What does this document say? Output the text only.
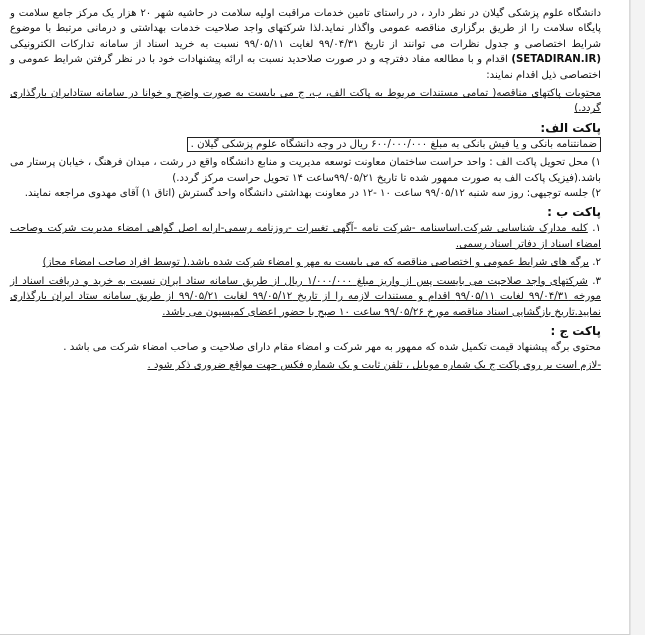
دانشگاه علوم پزشکی گیلان در نظر دارد ، در راستای تامین خدمات مراقبت اولیه سلامت در حاشیه شهر ۲۰ هزار یک مرکز جامع سلامت و پایگاه سلامت را از طریق برگزاری مناقصه عمومی واگذار نماید.لذا شرکتهای واجد صلاحیت خدمات بهداشتی و درمانی مرتبط با موضوع شرایط اختصاصی و جدول نظرات می توانند از تاریخ ۹۹/۰۴/۳۱ لغایت ۹۹/۰۵/۱۱ نسبت به خرید اسناد از سامانه تدارکات الکترونیکی (SETADIRAN.IR) اقدام و با مطالعه مفاد دفترچه و در صورت صلاحدید نسبت به ارائه پیشنهادات خود با در نظر گرفتن شرایط عمومی و اختصاصی ذیل اقدام نمایند:

محتویات پاکتهای مناقصه( تمامی مستندات مربوط به پاکت الف، ب، ج می بایست به صورت واضح و خوانا در سامانه ستادایران بارگذاری گردد.)

پاکت الف:

ضمانتنامه بانکی و یا فیش بانکی به مبلغ ۶۰۰/۰۰۰/۰۰۰ ریال در وجه دانشگاه علوم پزشکی گیلان .

۱) محل تحویل پاکت الف : واحد حراست ساختمان معاونت توسعه مدیریت و منابع دانشگاه واقع در رشت ، میدان فرهنگ ، خیابان پرستار می باشد.(فیزیک پاکت الف به صورت ممهور شده تا تاریخ ۹۹/۰۵/۲۱ساعت ۱۴ تحویل حراست مرکز گردد.)

۲) جلسه توجیهی: روز سه شنبه ۹۹/۰۵/۱۲ ساعت ۱۰ -۱۲ در معاونت بهداشتی دانشگاه واحد گسترش (اتاق ۱) آقای مهدوی مراجعه نمایند.

پاکت ب :

۱. کلیه مدارک شناسایی شرکت.اساسنامه -شرکت نامه -آگهی تغییرات -روزنامه رسمی-ارایه اصل گواهی امضاء مدیریت شرکت وصاحب امضاء اسناد از دفاتر اسناد رسمی.

۲. برگه های شرایط عمومی و اختصاصی مناقصه که می بایست به مهر و امضاء شرکت شده باشد.( توسط افراد صاحب امضاء مجاز)

۳. شرکتهای واجد صلاحیت می بایست پس از واریز مبلغ ۱/۰۰۰/۰۰۰ ریال از طریق سامانه ستاد ایران نسبت به خرید و دریافت اسناد از مورخه ۹۹/۰۴/۳۱ لغایت ۹۹/۰۵/۱۱ اقدام و مستندات لازمه را از تاریخ ۹۹/۰۵/۱۲ لغایت ۹۹/۰۵/۲۱ از طریق سامانه ستاد ایران بارگذاری نمایید.تاریخ بازگشایی اسناد مناقصه مورخ ۹۹/۰۵/۲۶ ساعت ۱۰ صبح با حضور اعضای کمیسیون می باشد.

پاکت ج :

محتوی برگه پیشنهاد قیمت تکمیل شده که ممهور به مهر شرکت و امضاء مقام دارای صلاحیت و صاحب امضاء شرکت می باشد .

-لازم است بر روی پاکت ج یک شماره موبایل ، تلفن ثابت و یک شماره فکس جهت مواقع ضروری ذکر شود .
